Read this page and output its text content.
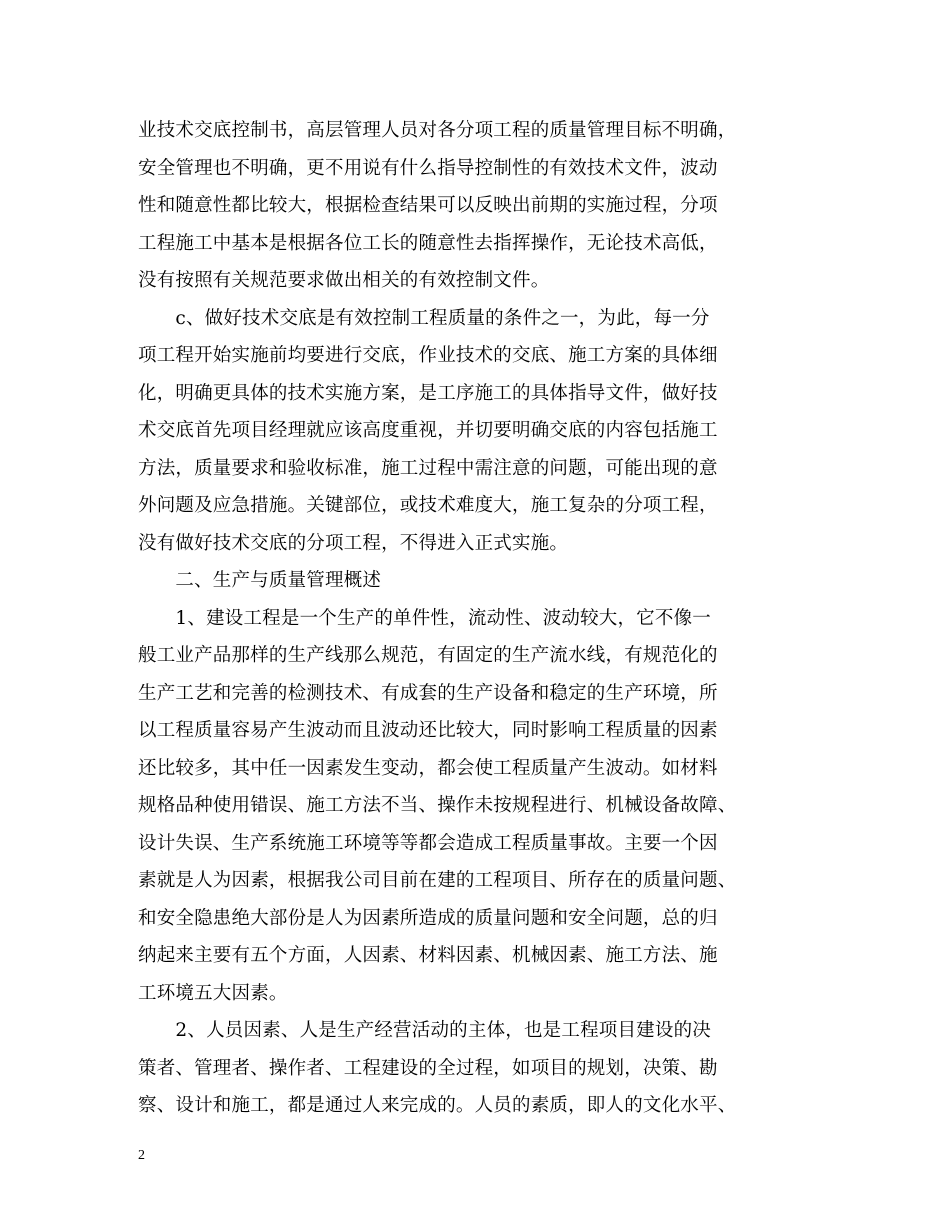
业技术交底控制书，高层管理人员对各分项工程的质量管理目标不明确，
安全管理也不明确，更不用说有什么指导控制性的有效技术文件，波动
性和随意性都比较大，根据检查结果可以反映出前期的实施过程，分项
工程施工中基本是根据各位工长的随意性去指挥操作，无论技术高低，
没有按照有关规范要求做出相关的有效控制文件。
　　c、做好技术交底是有效控制工程质量的条件之一，为此，每一分
项工程开始实施前均要进行交底，作业技术的交底、施工方案的具体细
化，明确更具体的技术实施方案，是工序施工的具体指导文件，做好技
术交底首先项目经理就应该高度重视，并切要明确交底的内容包括施工
方法，质量要求和验收标准，施工过程中需注意的问题，可能出现的意
外问题及应急措施。关键部位，或技术难度大，施工复杂的分项工程，
没有做好技术交底的分项工程，不得进入正式实施。
　　二、生产与质量管理概述
　　1、建设工程是一个生产的单件性，流动性、波动较大，它不像一
般工业产品那样的生产线那么规范，有固定的生产流水线，有规范化的
生产工艺和完善的检测技术、有成套的生产设备和稳定的生产环境，所
以工程质量容易产生波动而且波动还比较大，同时影响工程质量的因素
还比较多，其中任一因素发生变动，都会使工程质量产生波动。如材料
规格品种使用错误、施工方法不当、操作未按规程进行、机械设备故障、
设计失误、生产系统施工环境等等都会造成工程质量事故。主要一个因
素就是人为因素，根据我公司目前在建的工程项目、所存在的质量问题、
和安全隐患绝大部份是人为因素所造成的质量问题和安全问题，总的归
纳起来主要有五个方面，人因素、材料因素、机械因素、施工方法、施
工环境五大因素。
　　2、人员因素、人是生产经营活动的主体，也是工程项目建设的决
策者、管理者、操作者、工程建设的全过程，如项目的规划，决策、勘
察、设计和施工，都是通过人来完成的。人员的素质，即人的文化水平、
2
